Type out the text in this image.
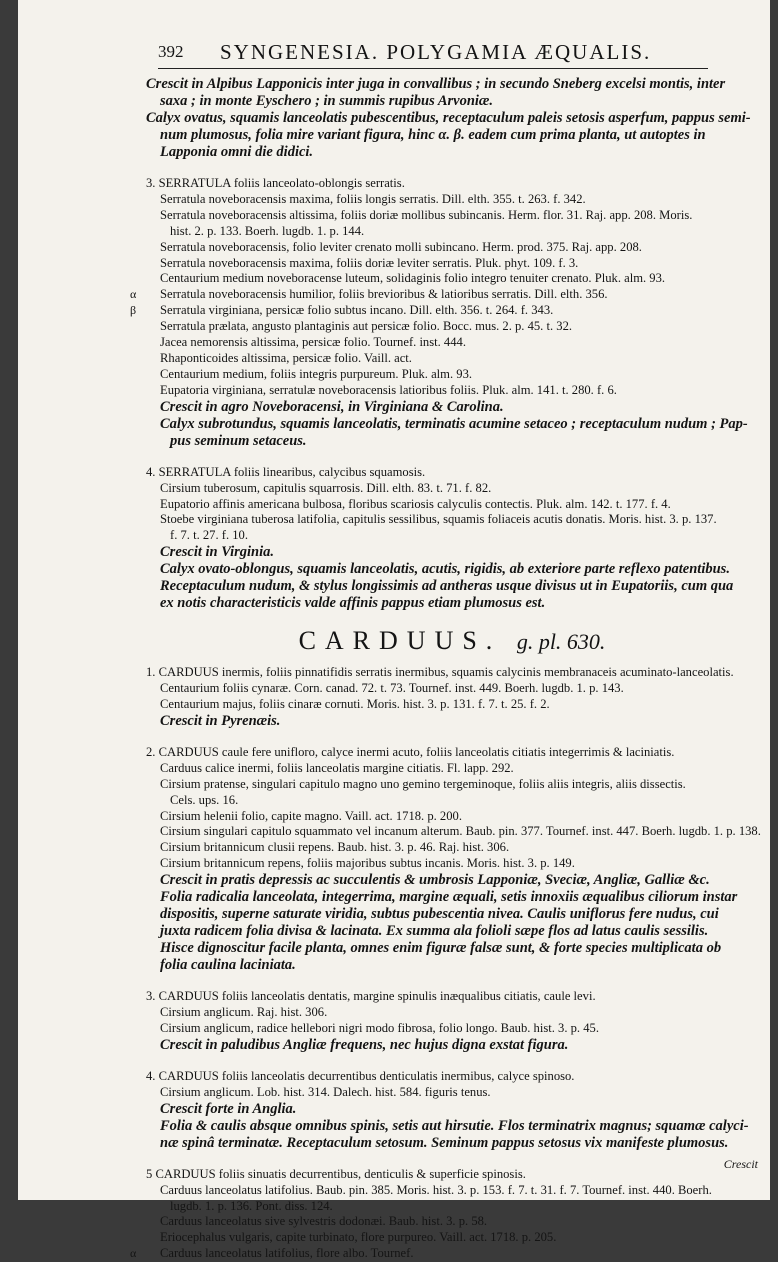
392 SYNGENESIA. POLYGAMIA ÆQUALIS.
Crescit in Alpibus Lapponicis inter juga in convallibus ; in secundo Sneberg excelsi montis, inter
saxa ; in monte Eyschero ; in summis rupibus Arvoniæ.
Calyx ovatus, squamis lanceolatis pubescentibus, receptaculum paleis setosis asperfum, pappus semi-
num plumosus, folia mire variant figura, hinc α. β. eadem cum prima planta, ut autoptes in
Lapponia omni die didici.
3. SERRATULA foliis lanceolato-oblongis serratis.
Serratula noveboracensis maxima, foliis longis serratis. Dill. elth. 355. t. 263. f. 342.
Serratula noveboracensis altissima, foliis doriæ mollibus subincanis. Herm. flor. 31. Raj. app. 208. Moris.
hist. 2. p. 133. Boerh. lugdb. 1. p. 144.
Serratula noveboracensis, folio leviter crenato molli subincano. Herm. prod. 375. Raj. app. 208.
Serratula noveboracensis maxima, foliis doriæ leviter serratis. Pluk. phyt. 109. f. 3.
Centaurium medium noveboracense luteum, solidaginis folio integro tenuiter crenato. Pluk. alm. 93.
α Serratula noveboracensis humilior, foliis brevioribus & latioribus serratis. Dill. elth. 356.
β Serratula virginiana, persicæ folio subtus incano. Dill. elth. 356. t. 264. f. 343.
Serratula prælata, angusto plantaginis aut persicæ folio. Bocc. mus. 2. p. 45. t. 32.
Jacea nemorensis altissima, persicæ folio. Tournef. inst. 444.
Rhaponticoides altissima, persicæ folio. Vaill. act.
Centaurium medium, foliis integris purpureum. Pluk. alm. 93.
Eupatoria virginiana, serratulæ noveboracensis latioribus foliis. Pluk. alm. 141. t. 280. f. 6.
Crescit in agro Noveboracensi, in Virginiana & Carolina.
Calyx subrotundus, squamis lanceolatis, terminatis acumine setaceo ; receptaculum nudum ; Pap-
pus seminum setaceus.
4. SERRATULA foliis linearibus, calycibus squamosis.
Cirsium tuberosum, capitulis squarrosis. Dill. elth. 83. t. 71. f. 82.
Eupatorio affinis americana bulbosa, floribus scariosis calyculis contectis. Pluk. alm. 142. t. 177. f. 4.
Stoebe virginiana tuberosa latifolia, capitulis sessilibus, squamis foliaceis acutis donatis. Moris. hist. 3. p. 137.
f. 7. t. 27. f. 10.
Crescit in Virginia.
Calyx ovato-oblongus, squamis lanceolatis, acutis, rigidis, ab exteriore parte reflexo patentibus.
Receptaculum nudum, & stylus longissimis ad antheras usque divisus ut in Eupatoriis, cum qua
ex notis characteristicis valde affinis pappus etiam plumosus est.
CARDUUS. g. pl. 630.
1. CARDUUS inermis, foliis pinnatifidis serratis inermibus, squamis calycinis membranaceis acuminato-lanceolatis.
Centaurium foliis cynaræ. Corn. canad. 72. t. 73. Tournef. inst. 449. Boerh. lugdb. 1. p. 143.
Centaurium majus, foliis cinaræ cornuti. Moris. hist. 3. p. 131. f. 7. t. 25. f. 2.
Crescit in Pyrenæis.
2. CARDUUS caule fere unifloro, calyce inermi acuto, foliis lanceolatis citiatis integerrimis & laciniatis.
Carduus calice inermi, foliis lanceolatis margine citiatis. Fl. lapp. 292.
Cirsium pratense, singulari capitulo magno uno gemino tergeminoque, foliis aliis integris, aliis dissectis.
Cels. ups. 16.
Cirsium helenii folio, capite magno. Vaill. act. 1718. p. 200.
Cirsium singulari capitulo squammato vel incanum alterum. Baub. pin. 377. Tournef. inst. 447. Boerh. lugdb. 1. p. 138.
Cirsium britannicum clusii repens. Baub. hist. 3. p. 46. Raj. hist. 306.
Cirsium britannicum repens, foliis majoribus subtus incanis. Moris. hist. 3. p. 149.
Crescit in pratis depressis ac succulentis & umbrosis Lapponiæ, Sveciæ, Angliæ, Galliæ &c.
Folia radicalia lanceolata, integerrima, margine æquali, setis innoxiis æqualibus ciliorum instar
dispositis, superne saturate viridia, subtus pubescentia nivea. Caulis uniflorus fere nudus, cui
juxta radicem folia divisa & lacinata. Ex summa ala folioli sæpe flos ad latus caulis sessilis.
Hisce dignoscitur facile planta, omnes enim figuræ falsæ sunt, & forte species multiplicata ob
folia caulina laciniata.
3. CARDUUS foliis lanceolatis dentatis, margine spinulis inæqualibus citiatis, caule levi.
Cirsium anglicum. Raj. hist. 306.
Cirsium anglicum, radice hellebori nigri modo fibrosa, folio longo. Baub. hist. 3. p. 45.
Crescit in paludibus Angliæ frequens, nec hujus digna exstat figura.
4. CARDUUS foliis lanceolatis decurrentibus denticulatis inermibus, calyce spinoso.
Cirsium anglicum. Lob. hist. 314. Dalech. hist. 584. figuris tenus.
Crescit forte in Anglia.
Folia & caulis absque omnibus spinis, setis aut hirsutie. Flos terminatrix magnus; squamæ calyci-
næ spinâ terminatæ. Receptaculum setosum. Seminum pappus setosus vix manifeste plumosus.
5 CARDUUS foliis sinuatis decurrentibus, denticulis & superficie spinosis.
Carduus lanceolatus latifolius. Baub. pin. 385. Moris. hist. 3. p. 153. f. 7. t. 31. f. 7. Tournef. inst. 440. Boerh.
lugdb. 1. p. 136. Pont. diss. 124.
Carduus lanceolatus sive sylvestris dodonæi. Baub. hist. 3. p. 58.
Eriocephalus vulgaris, capite turbinato, flore purpureo. Vaill. act. 1718. p. 205.
α Carduus lanceolatus latifolius, flore albo. Tournef.
Crescit
